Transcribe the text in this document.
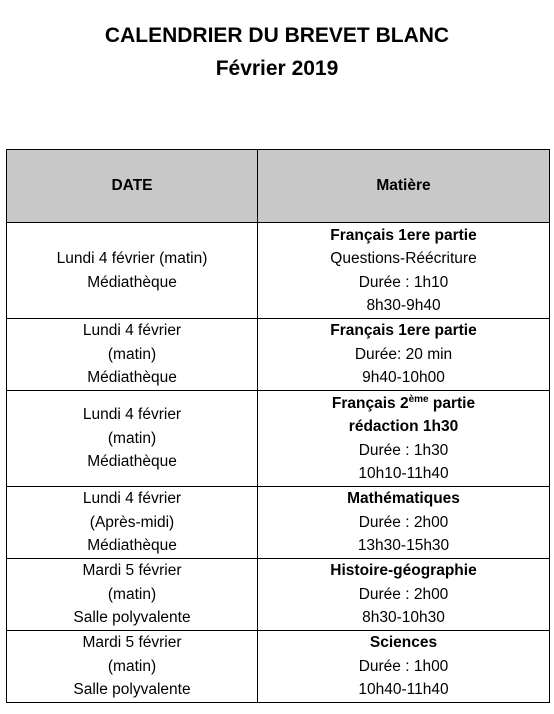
CALENDRIER DU BREVET BLANC
Février 2019
DATE	Matière

Lundi 4 février (matin)
Médiathèque	Français 1ere partie
Questions-Réécriture
Durée : 1h10
8h30-9h40

Lundi 4 février
(matin)
Médiathèque	Français 1ere partie
Durée: 20 min
9h40-10h00

Lundi 4 février
(matin)
Médiathèque	Français 2ème partie
rédaction 1h30
Durée : 1h30
10h10-11h40

Lundi 4 février
(Après-midi)
Médiathèque	Mathématiques
Durée : 2h00
13h30-15h30

Mardi 5 février
(matin)
Salle polyvalente	Histoire-géographie
Durée : 2h00
8h30-10h30

Mardi 5 février
(matin)
Salle polyvalente	Sciences
Durée : 1h00
10h40-11h40
